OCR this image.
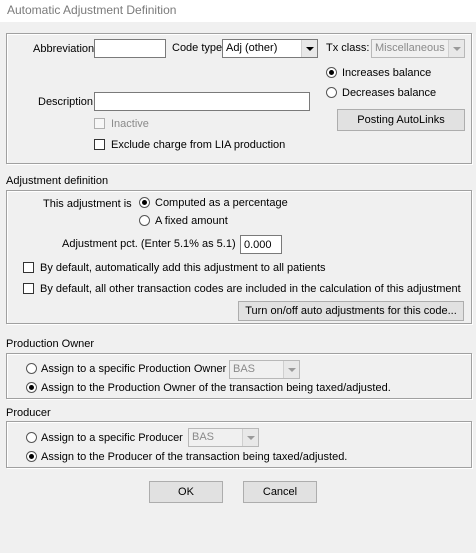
Automatic Adjustment Definition
Abbreviation	Code type Adj (other)	Tx class: Miscellaneous
Increases balance
Decreases balance
Description
Posting AutoLinks
Inactive
Exclude charge from LIA production
Adjustment definition
This adjustment is Computed as a percentage
A fixed amount
Adjustment pct. (Enter 5.1% as 5.1)
0.000
By default, automatically add this adjustment to all patients
By default, all other transaction codes are included in the calculation of this adjustment
Turn on/off auto adjustments for this code...
Production Owner
Assign to a specific Production Owner BAS
Assign to the Production Owner of the transaction being taxed/adjusted.
Producer
Assign to a specific Producer BAS
Assign to the Producer of the transaction being taxed/adjusted.
OK	Cancel
